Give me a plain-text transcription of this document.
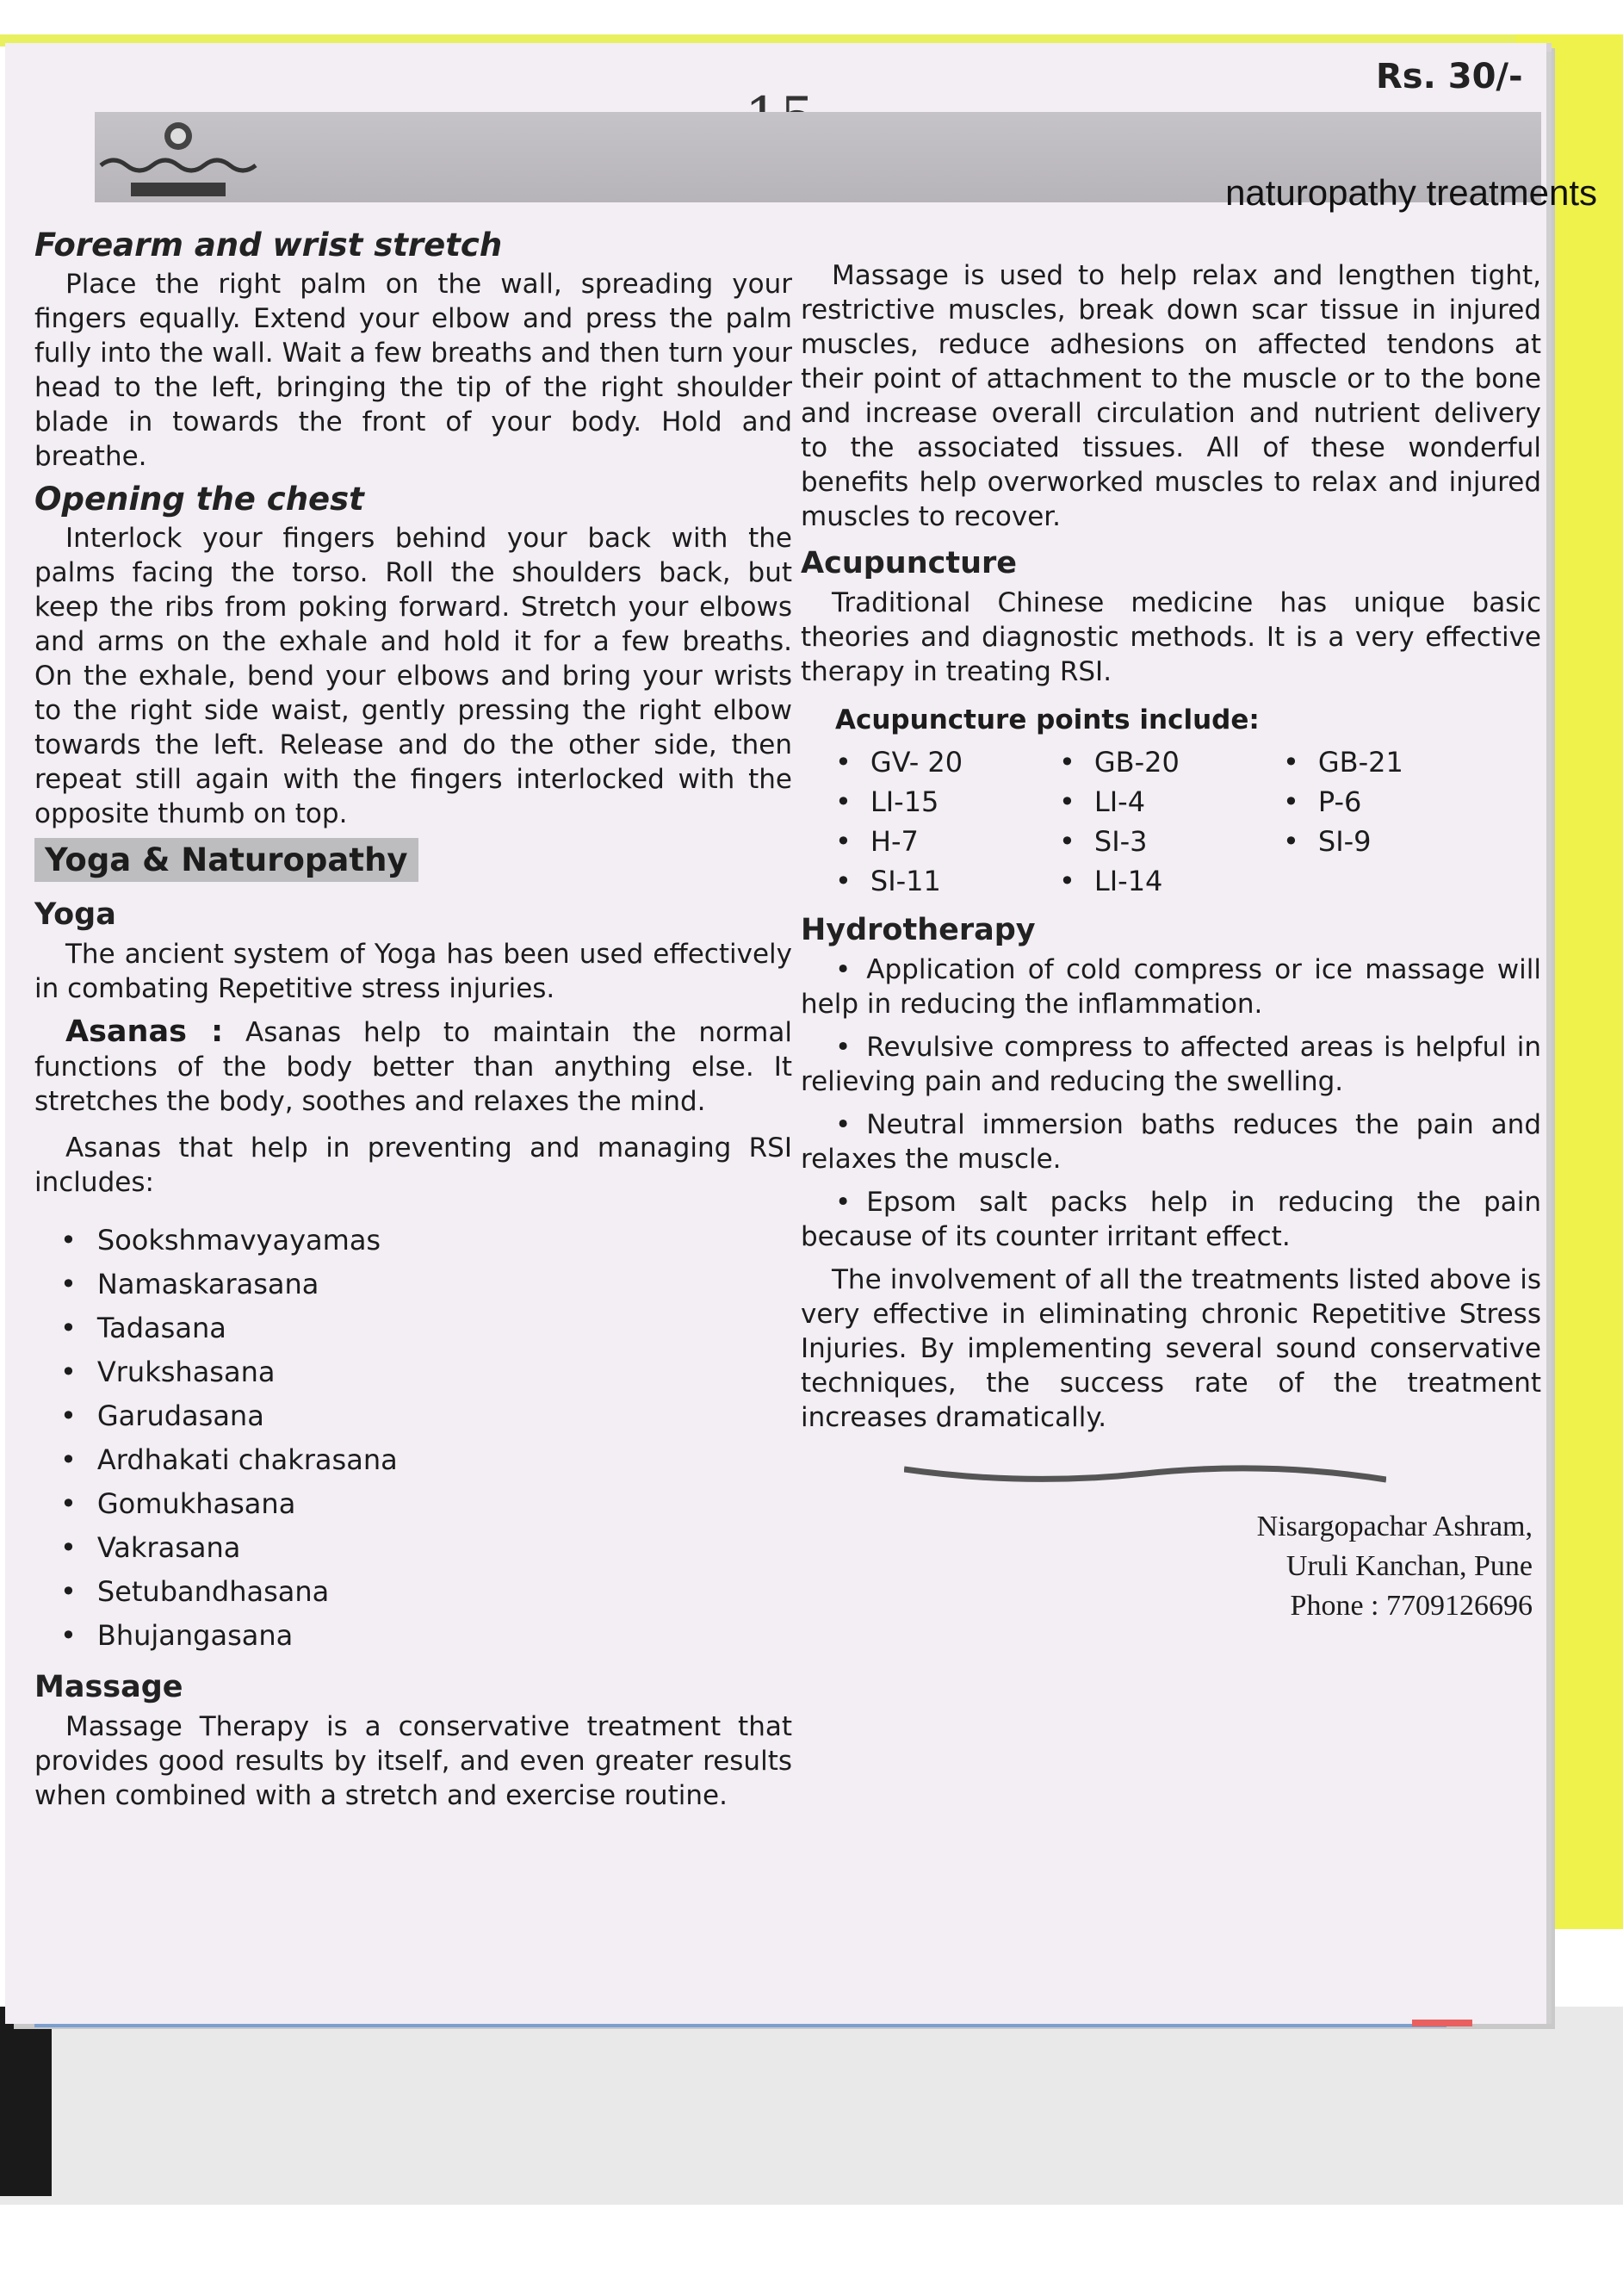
Rs. 30/-
naturopathy treatments
Forearm and wrist stretch

Place the right palm on the wall, spreading your fingers equally. Extend your elbow and press the palm fully into the wall. Wait a few breaths and then turn your head to the left, bringing the tip of the right shoulder blade in towards the front of your body. Hold and breathe.

Opening the chest

Interlock your fingers behind your back with the palms facing the torso. Roll the shoulders back, but keep the ribs from poking forward. Stretch your elbows and arms on the exhale and hold it for a few breaths. On the exhale, bend your elbows and bring your wrists to the right side waist, gently pressing the right elbow towards the left. Release and do the other side, then repeat still again with the fingers interlocked with the opposite thumb on top.

Yoga & Naturopathy
Yoga

The ancient system of Yoga has been used effectively in combating Repetitive stress injuries.

Asanas : Asanas help to maintain the normal functions of the body better than anything else. It stretches the body, soothes and relaxes the mind.

Asanas that help in preventing and managing RSI includes:

• Sookshmavyayamas
• Namaskarasana
• Tadasana
• Vrukshasana
• Garudasana
• Ardhakati chakrasana
• Gomukhasana
• Vakrasana
• Setubandhasana
• Bhujangasana
Massage

Massage Therapy is a conservative treatment that provides good results by itself, and even greater results when combined with a stretch and exercise routine.

Massage is used to help relax and lengthen tight, restrictive muscles, break down scar tissue in injured muscles, reduce adhesions on affected tendons at their point of attachment to the muscle or to the bone and increase overall circulation and nutrient delivery to the associated tissues. All of these wonderful benefits help overworked muscles to relax and injured muscles to recover.

Acupuncture

Traditional Chinese medicine has unique basic theories and diagnostic methods. It is a very effective therapy in treating RSI.

Acupuncture points include:
• GV- 20	• GB-20	• GB-21
• LI-15	• LI-4	• P-6
• H-7	• SI-3	• SI-9
• SI-11	• LI-14
Hydrotherapy

• Application of cold compress or ice massage will help in reducing the inflammation.

• Revulsive compress to affected areas is helpful in relieving pain and reducing the swelling.

• Neutral immersion baths reduces the pain and relaxes the muscle.

• Epsom salt packs help in reducing the pain because of its counter irritant effect.

The involvement of all the treatments listed above is very effective in eliminating chronic Repetitive Stress Injuries. By implementing several sound conservative techniques, the success rate of the treatment increases dramatically.

Nisargopachar Ashram,
Uruli Kanchan, Pune
Phone : 7709126696
